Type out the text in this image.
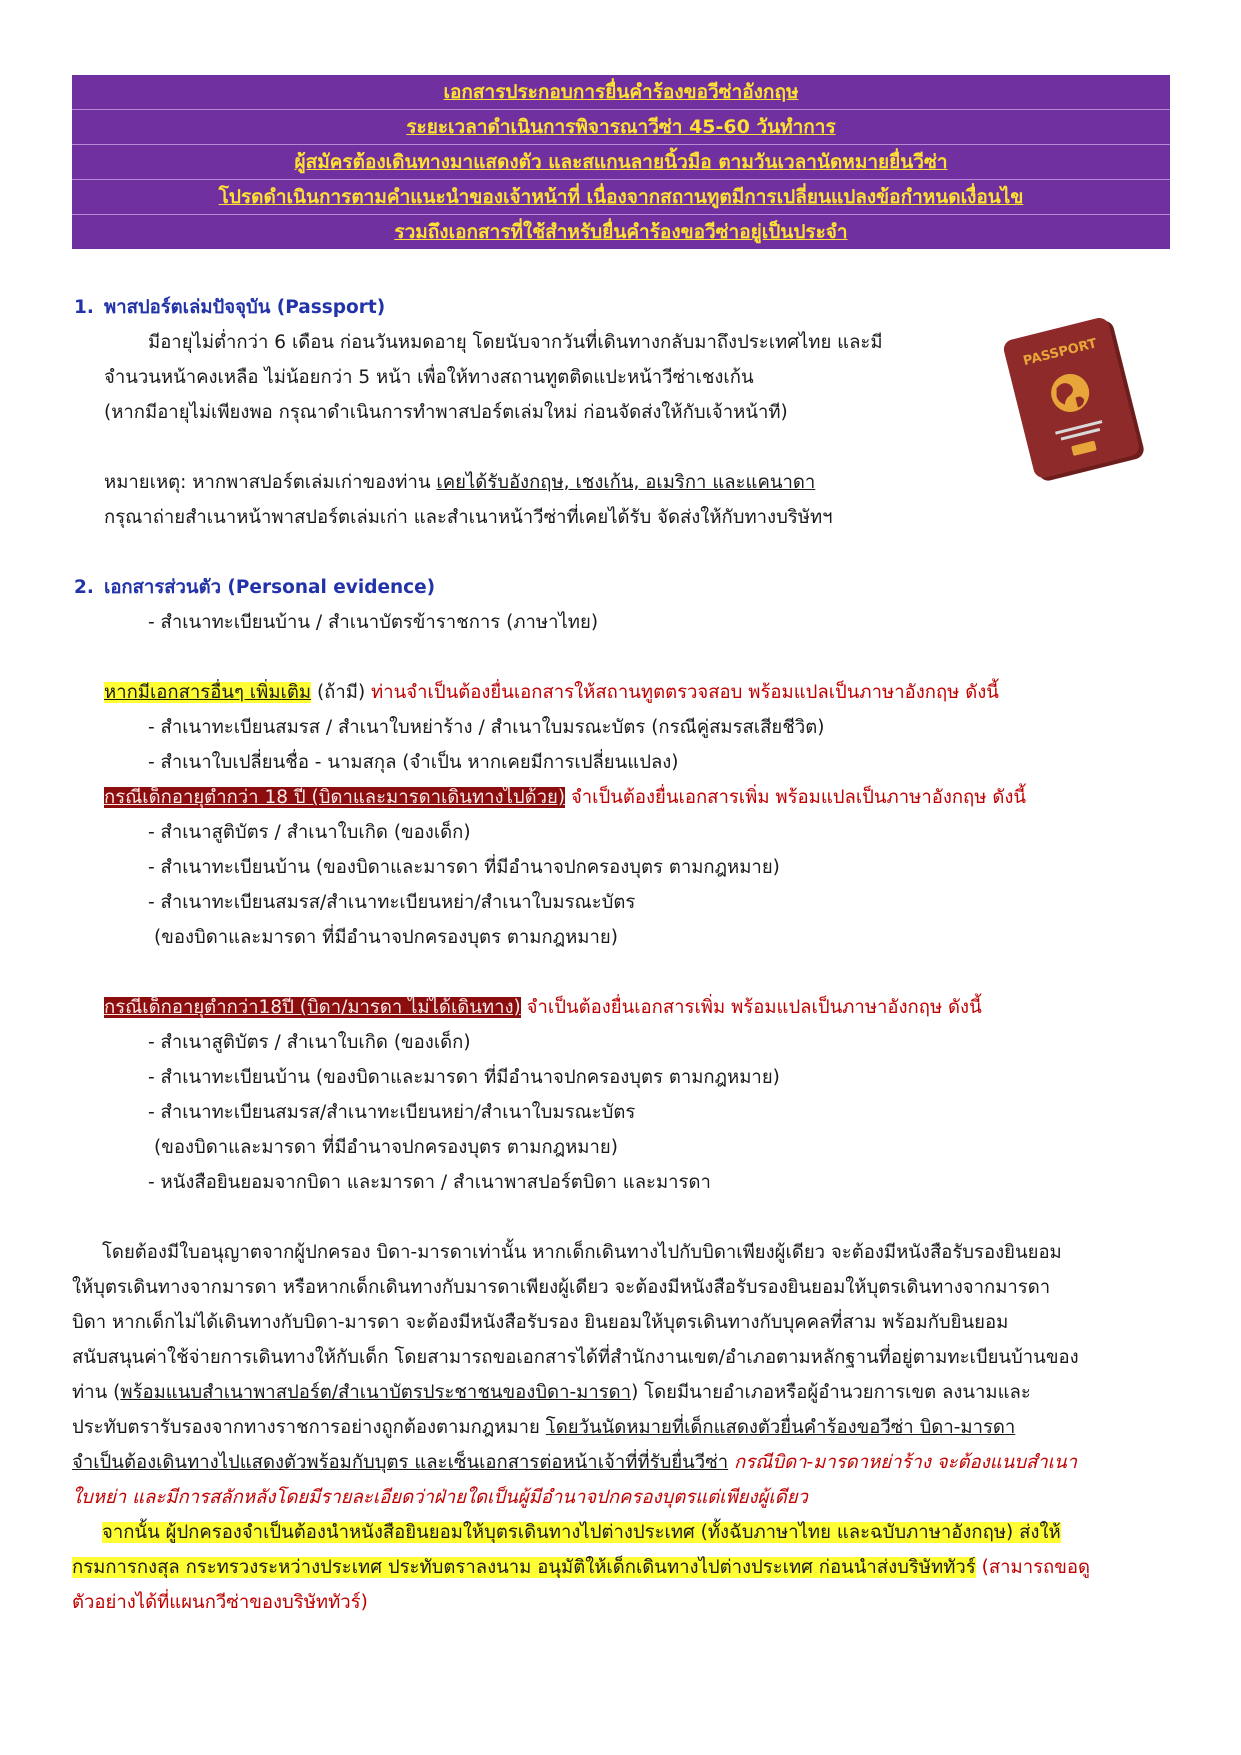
เอกสารประกอบการยื่นคำร้องขอวีซ่าอังกฤษ
ระยะเวลาดำเนินการพิจารณาวีซ่า 45-60 วันทำการ
ผู้สมัครต้องเดินทางมาแสดงตัว และสแกนลายนิ้วมือ ตามวันเวลานัดหมายยื่นวีซ่า
โปรดดำเนินการตามคำแนะนำของเจ้าหน้าที่ เนื่องจากสถานทูตมีการเปลี่ยนแปลงข้อกำหนดเงื่อนไข
รวมถึงเอกสารที่ใช้สำหรับยื่นคำร้องขอวีซ่าอยู่เป็นประจำ
PASSPORT
1. พาสปอร์ตเล่มปัจจุบัน (Passport)
มีอายุไม่ต่ำกว่า 6 เดือน ก่อนวันหมดอายุ โดยนับจากวันที่เดินทางกลับมาถึงประเทศไทย และมี
จำนวนหน้าคงเหลือ ไม่น้อยกว่า 5 หน้า เพื่อให้ทางสถานทูตติดแปะหน้าวีซ่าเชงเก้น
(หากมีอายุไม่เพียงพอ กรุณาดำเนินการทำพาสปอร์ตเล่มใหม่ ก่อนจัดส่งให้กับเจ้าหน้าที)
หมายเหตุ: หากพาสปอร์ตเล่มเก่าของท่าน เคยได้รับอังกฤษ, เชงเก้น, อเมริกา และแคนาดา
กรุณาถ่ายสำเนาหน้าพาสปอร์ตเล่มเก่า และสำเนาหน้าวีซ่าที่เคยได้รับ จัดส่งให้กับทางบริษัทฯ
2. เอกสารส่วนตัว (Personal evidence)
- สำเนาทะเบียนบ้าน / สำเนาบัตรข้าราชการ (ภาษาไทย)
หากมีเอกสารอื่นๆ เพิ่มเติม (ถ้ามี) ท่านจำเป็นต้องยื่นเอกสารให้สถานทูตตรวจสอบ พร้อมแปลเป็นภาษาอังกฤษ ดังนี้
- สำเนาทะเบียนสมรส / สำเนาใบหย่าร้าง / สำเนาใบมรณะบัตร (กรณีคู่สมรสเสียชีวิต)
- สำเนาใบเปลี่ยนชื่อ - นามสกุล (จำเป็น หากเคยมีการเปลี่ยนแปลง)
กรณีเด็กอายุต่ำกว่า 18 ปี (บิดาและมารดาเดินทางไปด้วย) จำเป็นต้องยื่นเอกสารเพิ่ม พร้อมแปลเป็นภาษาอังกฤษ ดังนี้
- สำเนาสูติบัตร / สำเนาใบเกิด (ของเด็ก)
- สำเนาทะเบียนบ้าน (ของบิดาและมารดา ที่มีอำนาจปกครองบุตร ตามกฎหมาย)
- สำเนาทะเบียนสมรส/สำเนาทะเบียนหย่า/สำเนาใบมรณะบัตร
(ของบิดาและมารดา ที่มีอำนาจปกครองบุตร ตามกฎหมาย)
กรณีเด็กอายุต่ำกว่า18ปี (บิดา/มารดา ไม่ได้เดินทาง) จำเป็นต้องยื่นเอกสารเพิ่ม พร้อมแปลเป็นภาษาอังกฤษ ดังนี้
- สำเนาสูติบัตร / สำเนาใบเกิด (ของเด็ก)
- สำเนาทะเบียนบ้าน (ของบิดาและมารดา ที่มีอำนาจปกครองบุตร ตามกฎหมาย)
- สำเนาทะเบียนสมรส/สำเนาทะเบียนหย่า/สำเนาใบมรณะบัตร
(ของบิดาและมารดา ที่มีอำนาจปกครองบุตร ตามกฎหมาย)
- หนังสือยินยอมจากบิดา และมารดา / สำเนาพาสปอร์ตบิดา และมารดา
โดยต้องมีใบอนุญาตจากผู้ปกครอง บิดา-มารดาเท่านั้น หากเด็กเดินทางไปกับบิดาเพียงผู้เดียว จะต้องมีหนังสือรับรองยินยอม
ให้บุตรเดินทางจากมารดา หรือหากเด็กเดินทางกับมารดาเพียงผู้เดียว จะต้องมีหนังสือรับรองยินยอมให้บุตรเดินทางจากมารดา
บิดา หากเด็กไม่ได้เดินทางกับบิดา-มารดา จะต้องมีหนังสือรับรอง ยินยอมให้บุตรเดินทางกับบุคคลที่สาม พร้อมกับยินยอม
สนับสนุนค่าใช้จ่ายการเดินทางให้กับเด็ก โดยสามารถขอเอกสารได้ที่สำนักงานเขต/อำเภอตามหลักฐานที่อยู่ตามทะเบียนบ้านของ
ท่าน (พร้อมแนบสำเนาพาสปอร์ต/สำเนาบัตรประชาชนของบิดา-มารดา) โดยมีนายอำเภอหรือผู้อำนวยการเขต ลงนามและ
ประทับตรารับรองจากทางราชการอย่างถูกต้องตามกฎหมาย โดยวันนัดหมายที่เด็กแสดงตัวยื่นคำร้องขอวีซ่า บิดา-มารดา
จำเป็นต้องเดินทางไปแสดงตัวพร้อมกับบุตร และเซ็นเอกสารต่อหน้าเจ้าที่ที่รับยื่นวีซ่า กรณีบิดา-มารดาหย่าร้าง จะต้องแนบสำเนา
ใบหย่า และมีการสลักหลังโดยมีรายละเอียดว่าฝ่ายใดเป็นผู้มีอำนาจปกครองบุตรแต่เพียงผู้เดียว
จากนั้น ผู้ปกครองจำเป็นต้องนำหนังสือยินยอมให้บุตรเดินทางไปต่างประเทศ (ทั้งฉับภาษาไทย และฉบับภาษาอังกฤษ) ส่งให้
กรมการกงสุล กระทรวงระหว่างประเทศ ประทับตราลงนาม อนุมัติให้เด็กเดินทางไปต่างประเทศ ก่อนนำส่งบริษัททัวร์ (สามารถขอดู
ตัวอย่างได้ที่แผนกวีซ่าของบริษัททัวร์)
